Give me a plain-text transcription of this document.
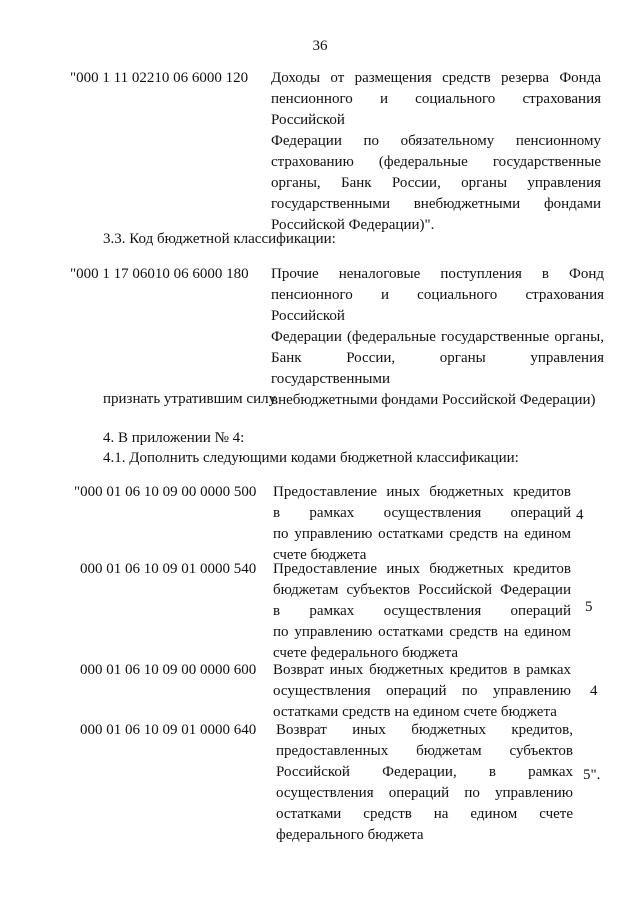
36
"000 1 11 02210 06 6000 120 Доходы от размещения средств резерва Фонда
пенсионного и социального страхования Российской
Федерации по обязательному пенсионному
страхованию (федеральные государственные
органы, Банк России, органы управления
государственными внебюджетными фондами
Российской Федерации)".
3.3. Код бюджетной классификации:
"000 1 17 06010 06 6000 180 Прочие неналоговые поступления в Фонд
пенсионного и социального страхования Российской
Федерации (федеральные государственные органы,
Банк России, органы управления государственными
внебюджетными фондами Российской Федерации)
признать утратившим силу.
4. В приложении № 4:
4.1. Дополнить следующими кодами бюджетной классификации:
"000 01 06 10 09 00 0000 500 Предоставление иных бюджетных кредитов
в рамках осуществления операций
по управлению остатками средств на едином
счете бюджета
4
000 01 06 10 09 01 0000 540 Предоставление иных бюджетных кредитов
бюджетам субъектов Российской Федерации
в рамках осуществления операций
по управлению остатками средств на едином
счете федерального бюджета
5
000 01 06 10 09 00 0000 600 Возврат иных бюджетных кредитов в рамках
осуществления операций по управлению
остатками средств на едином счете бюджета
4
000 01 06 10 09 01 0000 640 Возврат иных бюджетных кредитов,
предоставленных бюджетам субъектов
Российской Федерации, в рамках
осуществления операций по управлению
остатками средств на едином счете
федерального бюджета
5".
